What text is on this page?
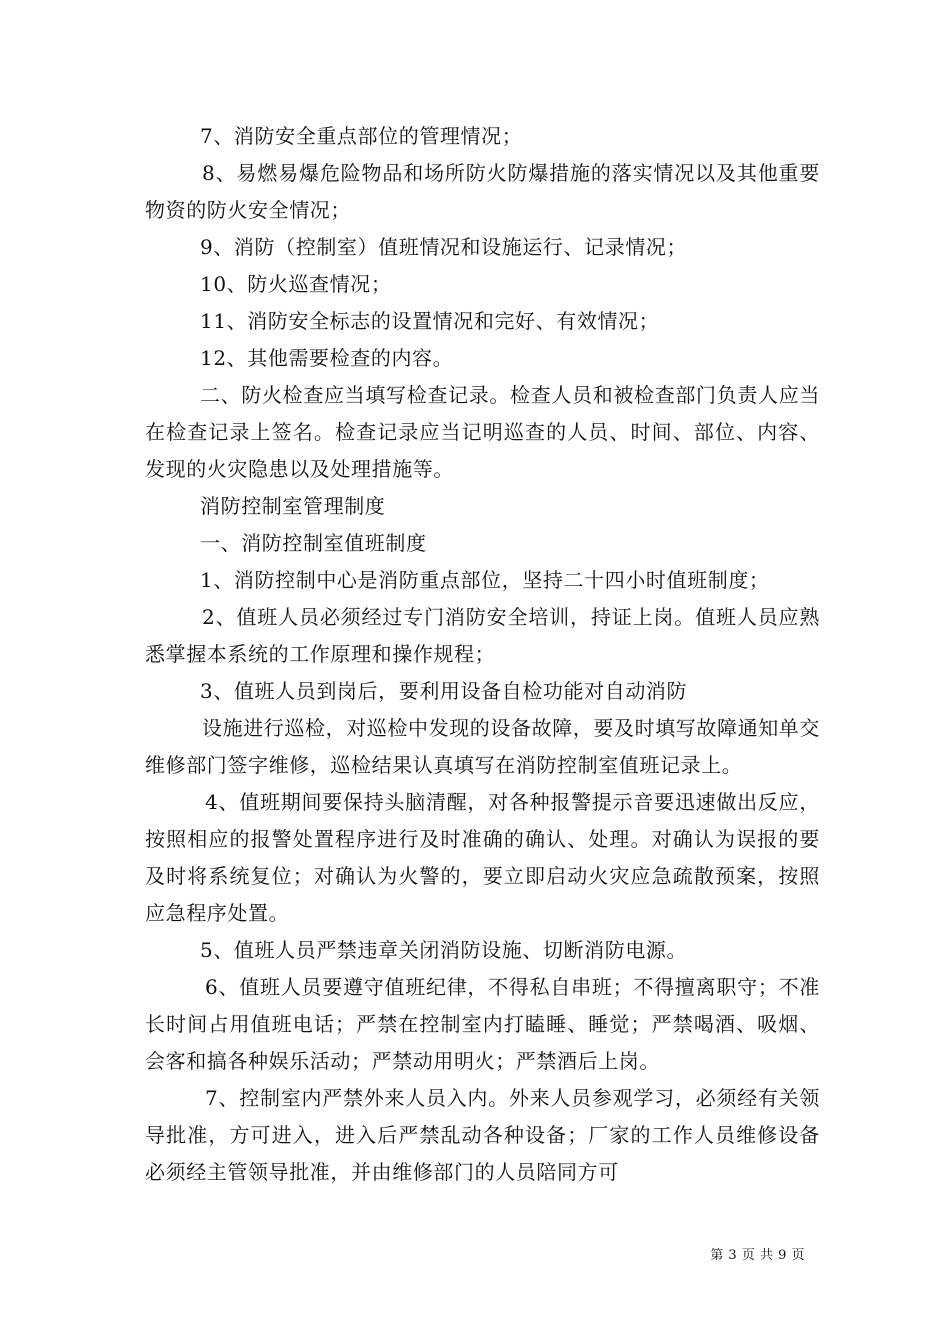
7、消防安全重点部位的管理情况；

8、易燃易爆危险物品和场所防火防爆措施的落实情况以及其他重要物资的防火安全情况；

9、消防（控制室）值班情况和设施运行、记录情况；

10、防火巡查情况；

11、消防安全标志的设置情况和完好、有效情况；

12、其他需要检查的内容。

二、防火检查应当填写检查记录。检查人员和被检查部门负责人应当在检查记录上签名。检查记录应当记明巡查的人员、时间、部位、内容、发现的火灾隐患以及处理措施等。

消防控制室管理制度

一、消防控制室值班制度

1、消防控制中心是消防重点部位，坚持二十四小时值班制度；

2、值班人员必须经过专门消防安全培训，持证上岗。值班人员应熟悉掌握本系统的工作原理和操作规程；

3、值班人员到岗后，要利用设备自检功能对自动消防

设施进行巡检，对巡检中发现的设备故障，要及时填写故障通知单交维修部门签字维修，巡检结果认真填写在消防控制室值班记录上。

4、值班期间要保持头脑清醒，对各种报警提示音要迅速做出反应，按照相应的报警处置程序进行及时准确的确认、处理。对确认为误报的要及时将系统复位；对确认为火警的，要立即启动火灾应急疏散预案，按照应急程序处置。

5、值班人员严禁违章关闭消防设施、切断消防电源。

6、值班人员要遵守值班纪律，不得私自串班；不得擅离职守；不准长时间占用值班电话；严禁在控制室内打瞌睡、睡觉；严禁喝酒、吸烟、会客和搞各种娱乐活动；严禁动用明火；严禁酒后上岗。

7、控制室内严禁外来人员入内。外来人员参观学习，必须经有关领导批准，方可进入，进入后严禁乱动各种设备；厂家的工作人员维修设备必须经主管领导批准，并由维修部门的人员陪同方可

第 3 页 共 9 页
